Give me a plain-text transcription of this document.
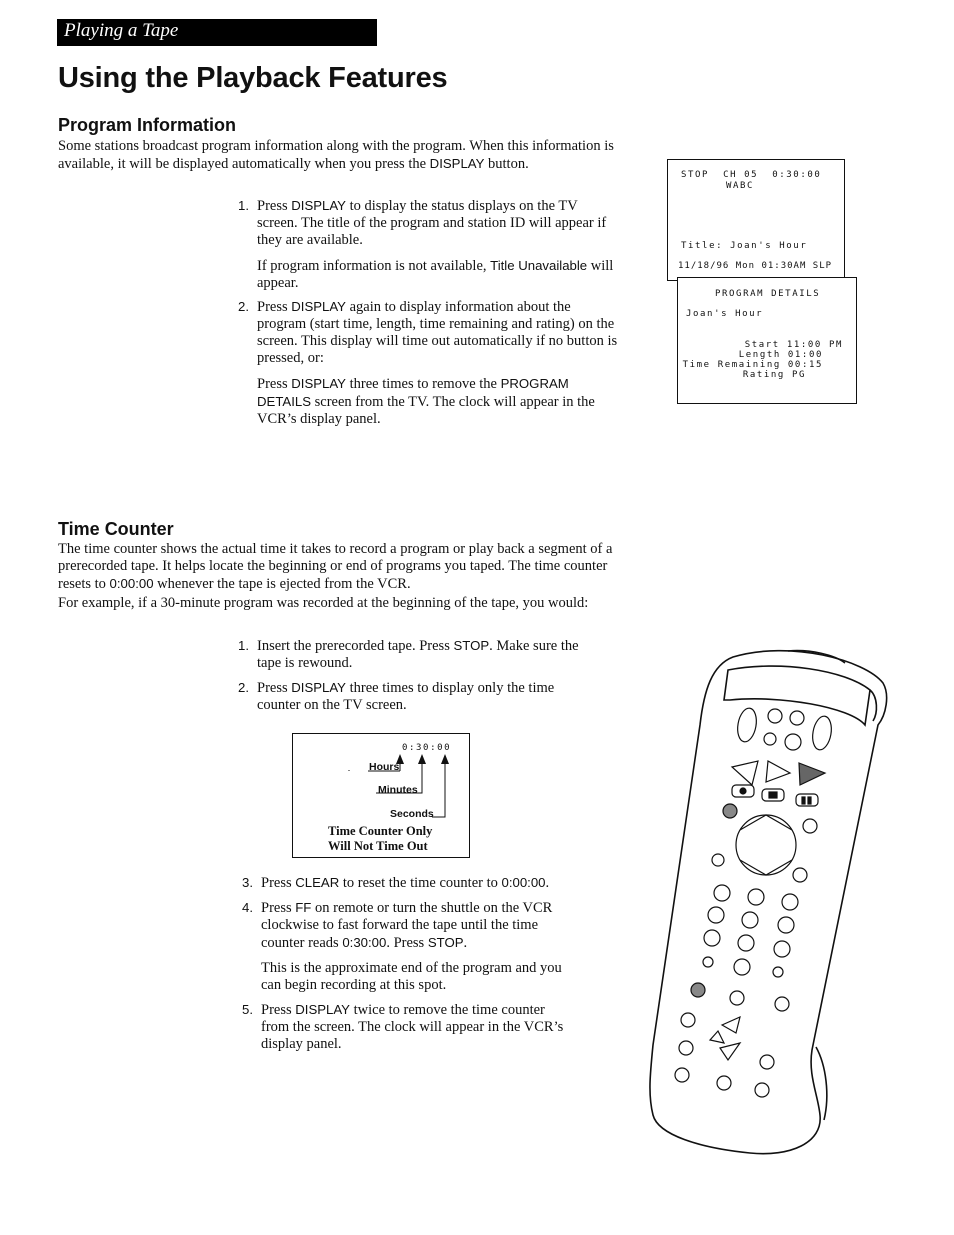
Playing a Tape
Using the Playback Features
Program Information

Some stations broadcast program information along with the program. When this information is available, it will be displayed automatically when you press the DISPLAY button.

1. Press DISPLAY to display the status displays on the TV screen. The title of the program and station ID will appear if they are available.
If program information is not available, Title Unavailable will appear.
2. Press DISPLAY again to display information about the program (start time, length, time remaining and rating) on the screen. This display will time out automatically if no button is pressed, or:
Press DISPLAY three times to remove the PROGRAM DETAILS screen from the TV. The clock will appear in the VCR’s display panel.

STOP  CH 05  0:30:00

WABC

Title: Joan's Hour

11/18/96 Mon 01:30AM SLP

PROGRAM DETAILS

Joan's Hour

Start 11:00 PM

Length 01:00

Time Remaining 00:15

Rating PG

Time Counter

The time counter shows the actual time it takes to record a program or play back a segment of a prerecorded tape. It helps locate the beginning or end of programs you taped. The time counter resets to 0:00:00 whenever the tape is ejected from the VCR.

For example, if a 30-minute program was recorded at the beginning of the tape, you would:

1. Insert the prerecorded tape. Press STOP. Make sure the tape is rewound.
2. Press DISPLAY three times to display only the time counter on the TV screen.

0:30:00

Hours
Minutes
Seconds
Time Counter Only
Will Not Time Out
3. Press CLEAR to reset the time counter to 0:00:00.
4. Press FF on remote or turn the shuttle on the VCR clockwise to fast forward the tape until the time counter reads 0:30:00. Press STOP.
This is the approximate end of the program and you can begin recording at this spot.
5. Press DISPLAY twice to remove the time counter from the screen. The clock will appear in the VCR’s display panel.
